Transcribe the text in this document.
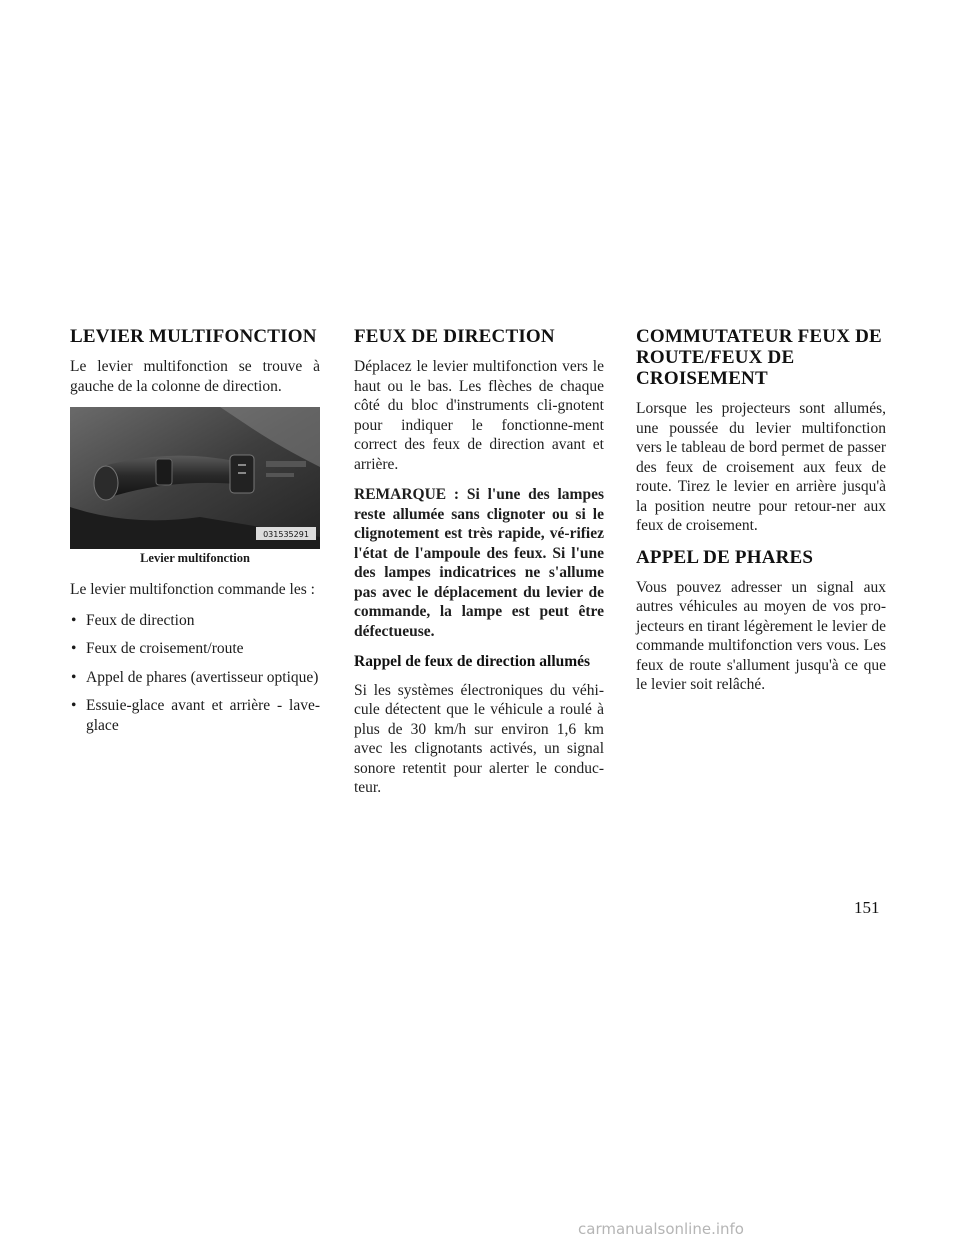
LEVIER MULTIFONCTION

Le levier multifonction se trouve à gauche de la colonne de direction.

031535291
Levier multifonction

Le levier multifonction commande les :

• Feux de direction
• Feux de croisement/route
• Appel de phares (avertisseur optique)
• Essuie-glace avant et arrière - lave-glace
FEUX DE DIRECTION

Déplacez le levier multifonction vers le haut ou le bas. Les flèches de chaque côté du bloc d'instruments cli-gnotent pour indiquer le fonctionne-ment correct des feux de direction avant et arrière.

REMARQUE : Si l'une des lampes reste allumée sans clignoter ou si le clignotement est très rapide, vé-rifiez l'état de l'ampoule des feux. Si l'une des lampes indicatrices ne s'allume pas avec le déplacement du levier de commande, la lampe est peut être défectueuse.

Rappel de feux de direction allumés

Si les systèmes électroniques du véhi-cule détectent que le véhicule a roulé à plus de 30 km/h sur environ 1,6 km avec les clignotants activés, un signal sonore retentit pour alerter le conduc-teur.

COMMUTATEUR FEUX DE ROUTE/FEUX DE CROISEMENT

Lorsque les projecteurs sont allumés, une poussée du levier multifonction vers le tableau de bord permet de passer des feux de croisement aux feux de route. Tirez le levier en arrière jusqu'à la position neutre pour retour-ner aux feux de croisement.

APPEL DE PHARES

Vous pouvez adresser un signal aux autres véhicules au moyen de vos pro-jecteurs en tirant légèrement le levier de commande multifonction vers vous. Les feux de route s'allument jusqu'à ce que le levier soit relâché.

151
carmanualsonline.info
